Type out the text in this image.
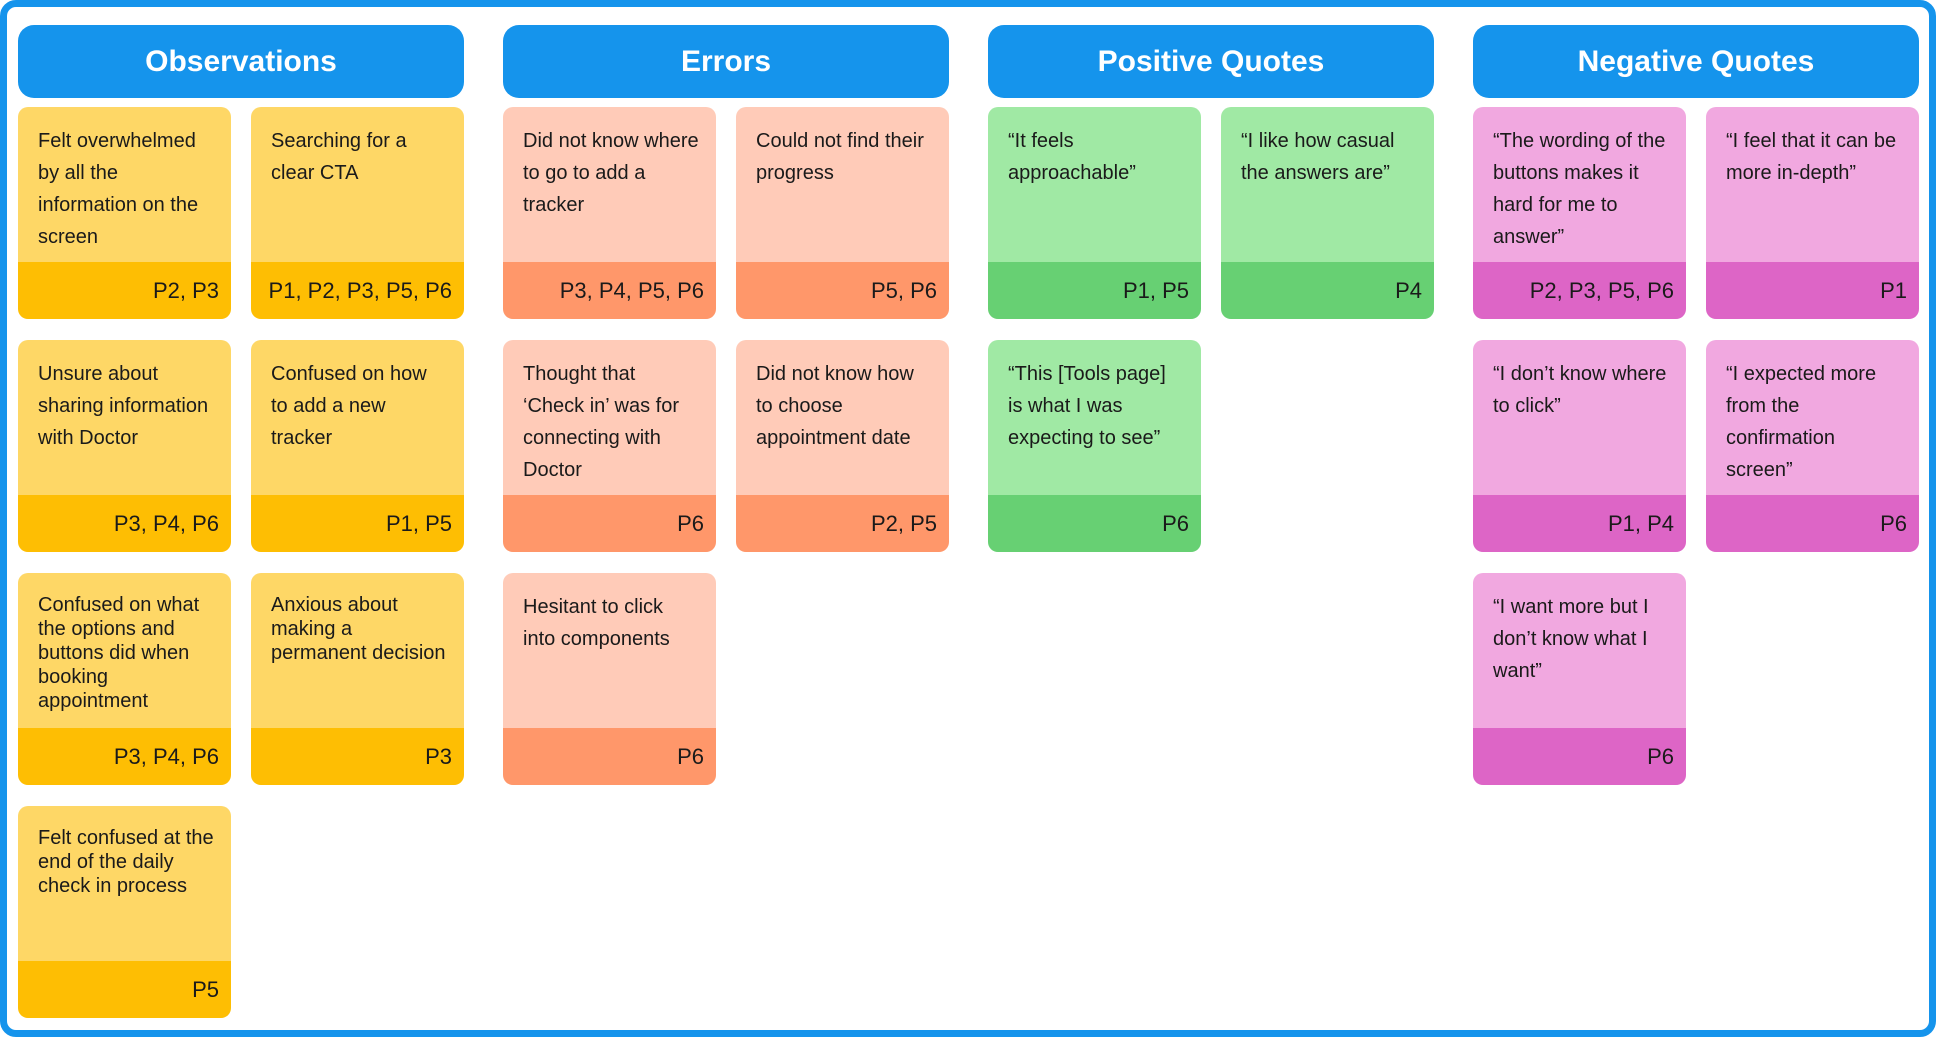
Observations	Errors	Positive Quotes	Negative Quotes
Felt overwhelmed by all the information on the screen
P2, P3
Searching for a clear CTA
P1, P2, P3, P5, P6
Unsure about sharing information with Doctor
P3, P4, P6
Confused on how to add a new tracker
P1, P5
Confused on what the options and buttons did when booking appointment
P3, P4, P6
Anxious about making a permanent decision
P3
Felt confused at the end of the daily check in process
P5
Did not know where to go to add a tracker
P3, P4, P5, P6
Could not find their progress
P5, P6
Thought that ‘Check in’ was for connecting with Doctor
P6
Did not know how to choose appointment date
P2, P5
Hesitant to click into components
P6
“It feels approachable”
P1, P5
“I like how casual the answers are”
P4
“This [Tools page] is what I was expecting to see”
P6
“The wording of the buttons makes it hard for me to answer”
P2, P3, P5, P6
“I feel that it can be more in-depth”
P1
“I don’t know where to click”
P1, P4
“I expected more from the confirmation screen”
P6
“I want more but I don’t know what I want”
P6
